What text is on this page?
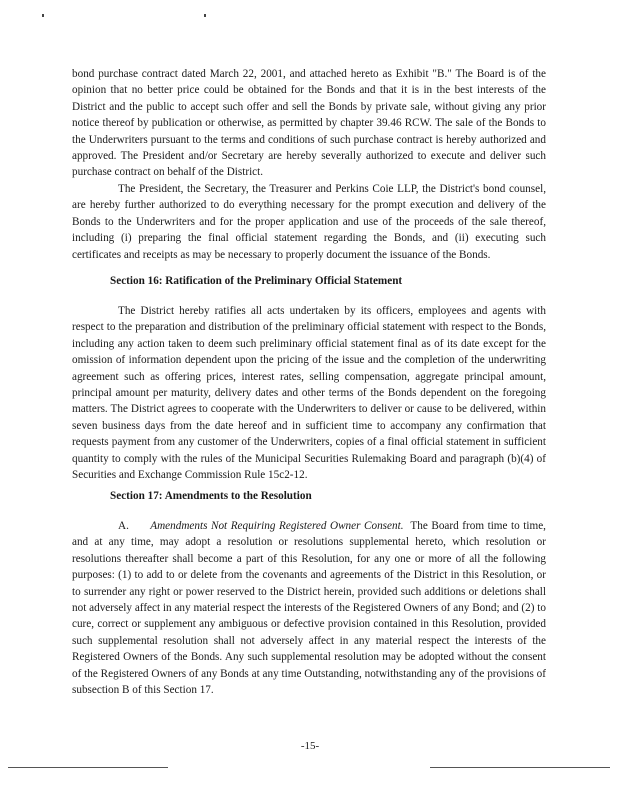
bond purchase contract dated March 22, 2001, and attached hereto as Exhibit "B." The Board is of the opinion that no better price could be obtained for the Bonds and that it is in the best interests of the District and the public to accept such offer and sell the Bonds by private sale, without giving any prior notice thereof by publication or otherwise, as permitted by chapter 39.46 RCW. The sale of the Bonds to the Underwriters pursuant to the terms and conditions of such purchase contract is hereby authorized and approved. The President and/or Secretary are hereby severally authorized to execute and deliver such purchase contract on behalf of the District.

The President, the Secretary, the Treasurer and Perkins Coie LLP, the District's bond counsel, are hereby further authorized to do everything necessary for the prompt execution and delivery of the Bonds to the Underwriters and for the proper application and use of the proceeds of the sale thereof, including (i) preparing the final official statement regarding the Bonds, and (ii) executing such certificates and receipts as may be necessary to properly document the issuance of the Bonds.

Section 16: Ratification of the Preliminary Official Statement

The District hereby ratifies all acts undertaken by its officers, employees and agents with respect to the preparation and distribution of the preliminary official statement with respect to the Bonds, including any action taken to deem such preliminary official statement final as of its date except for the omission of information dependent upon the pricing of the issue and the completion of the underwriting agreement such as offering prices, interest rates, selling compensation, aggregate principal amount, principal amount per maturity, delivery dates and other terms of the Bonds dependent on the foregoing matters. The District agrees to cooperate with the Underwriters to deliver or cause to be delivered, within seven business days from the date hereof and in sufficient time to accompany any confirmation that requests payment from any customer of the Underwriters, copies of a final official statement in sufficient quantity to comply with the rules of the Municipal Securities Rulemaking Board and paragraph (b)(4) of Securities and Exchange Commission Rule 15c2-12.

Section 17: Amendments to the Resolution

A. Amendments Not Requiring Registered Owner Consent. The Board from time to time, and at any time, may adopt a resolution or resolutions supplemental hereto, which resolution or resolutions thereafter shall become a part of this Resolution, for any one or more of all the following purposes: (1) to add to or delete from the covenants and agreements of the District in this Resolution, or to surrender any right or power reserved to the District herein, provided such additions or deletions shall not adversely affect in any material respect the interests of the Registered Owners of any Bond; and (2) to cure, correct or supplement any ambiguous or defective provision contained in this Resolution, provided such supplemental resolution shall not adversely affect in any material respect the interests of the Registered Owners of the Bonds. Any such supplemental resolution may be adopted without the consent of the Registered Owners of any Bonds at any time Outstanding, notwithstanding any of the provisions of subsection B of this Section 17.

-15-
